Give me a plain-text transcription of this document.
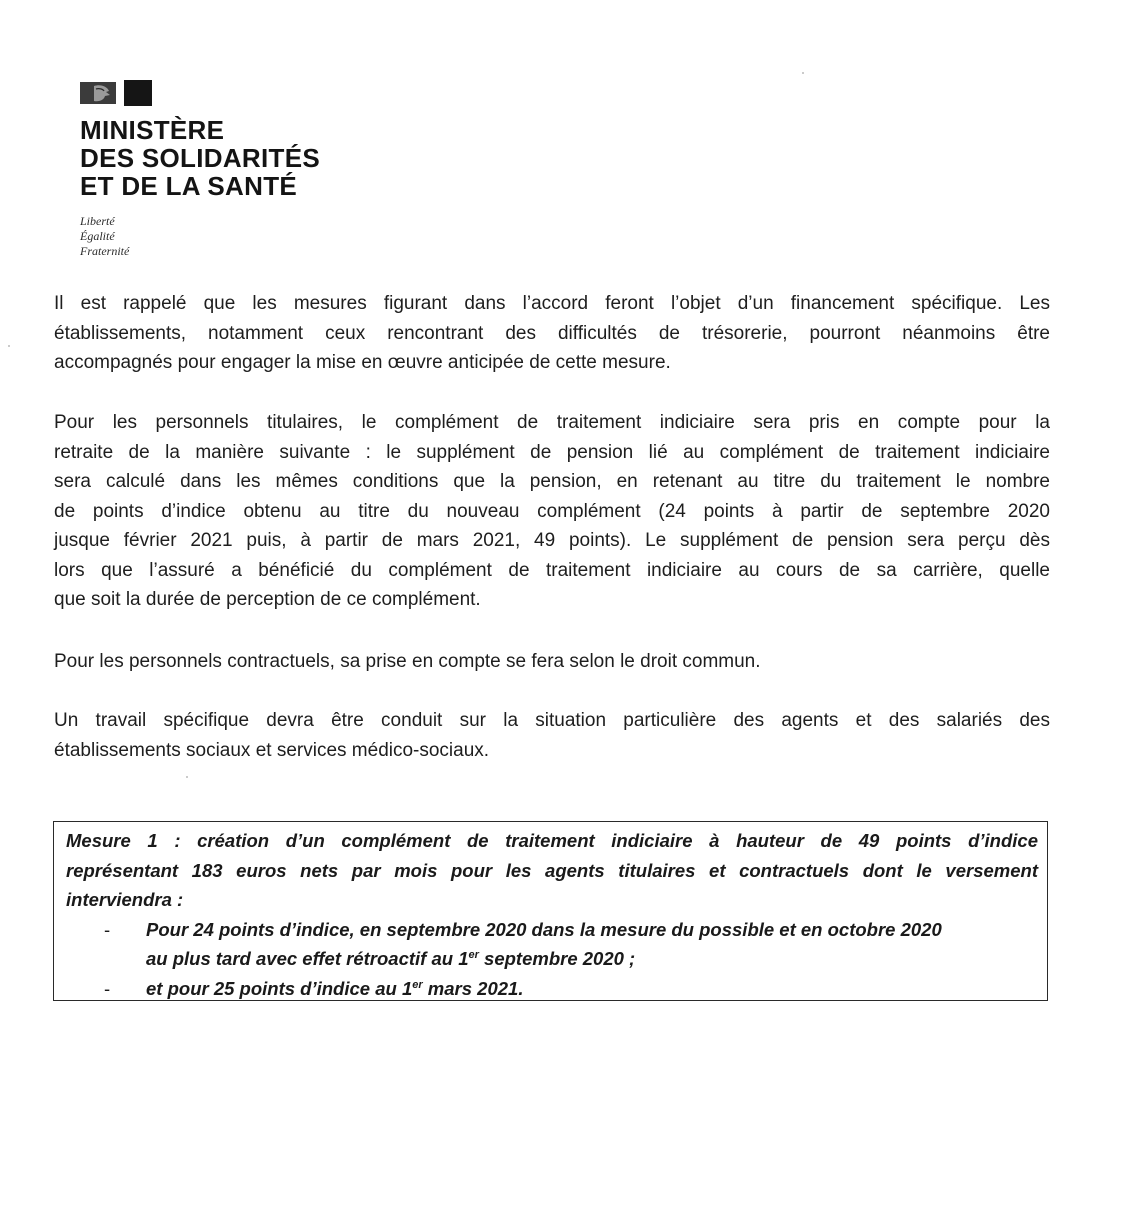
MINISTÈRE
DES SOLIDARITÉS
ET DE LA SANTÉ
Liberté
Égalité
Fraternité
Il est rappelé que les mesures figurant dans l’accord feront l’objet d’un financement spécifique. Les
établissements, notamment ceux rencontrant des difficultés de trésorerie, pourront néanmoins être
accompagnés pour engager la mise en œuvre anticipée de cette mesure.
Pour les personnels titulaires, le complément de traitement indiciaire sera pris en compte pour la
retraite de la manière suivante : le supplément de pension lié au complément de traitement indiciaire
sera calculé dans les mêmes conditions que la pension, en retenant au titre du traitement le nombre
de points d’indice obtenu au titre du nouveau complément (24 points à partir de septembre 2020
jusque février 2021 puis, à partir de mars 2021, 49 points). Le supplément de pension sera perçu dès
lors que l’assuré a bénéficié du complément de traitement indiciaire au cours de sa carrière, quelle
que soit la durée de perception de ce complément.
Pour les personnels contractuels, sa prise en compte se fera selon le droit commun.
Un travail spécifique devra être conduit sur la situation particulière des agents et des salariés des
établissements sociaux et services médico-sociaux.
Mesure 1 : création d’un complément de traitement indiciaire à hauteur de 49 points d’indice
représentant 183 euros nets par mois pour les agents titulaires et contractuels dont le versement
interviendra :
- Pour 24 points d’indice, en septembre 2020 dans la mesure du possible et en octobre 2020
au plus tard avec effet rétroactif au 1er septembre 2020 ;
- et pour 25 points d’indice au 1er mars 2021.
